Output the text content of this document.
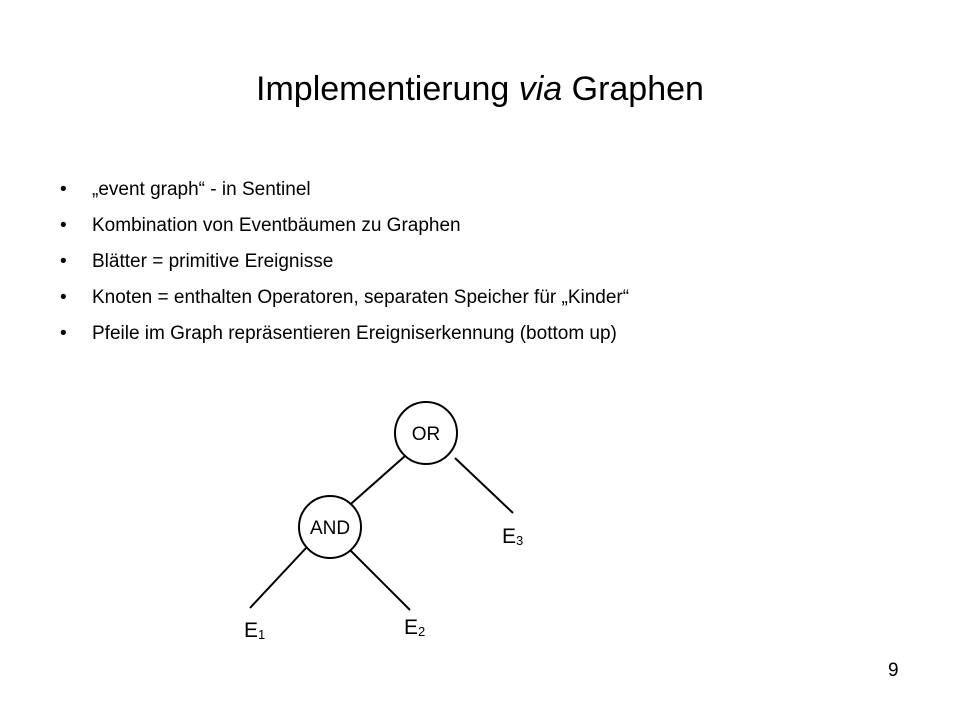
Implementierung via Graphen
•	„event graph“ - in Sentinel
•	Kombination von Eventbäumen zu Graphen
•	Blätter = primitive Ereignisse
•	Knoten = enthalten Operatoren, separaten Speicher für „Kinder“
•	Pfeile im Graph repräsentieren Ereigniserkennung (bottom up)
OR
AND
E 1	E 2
E 3
9
